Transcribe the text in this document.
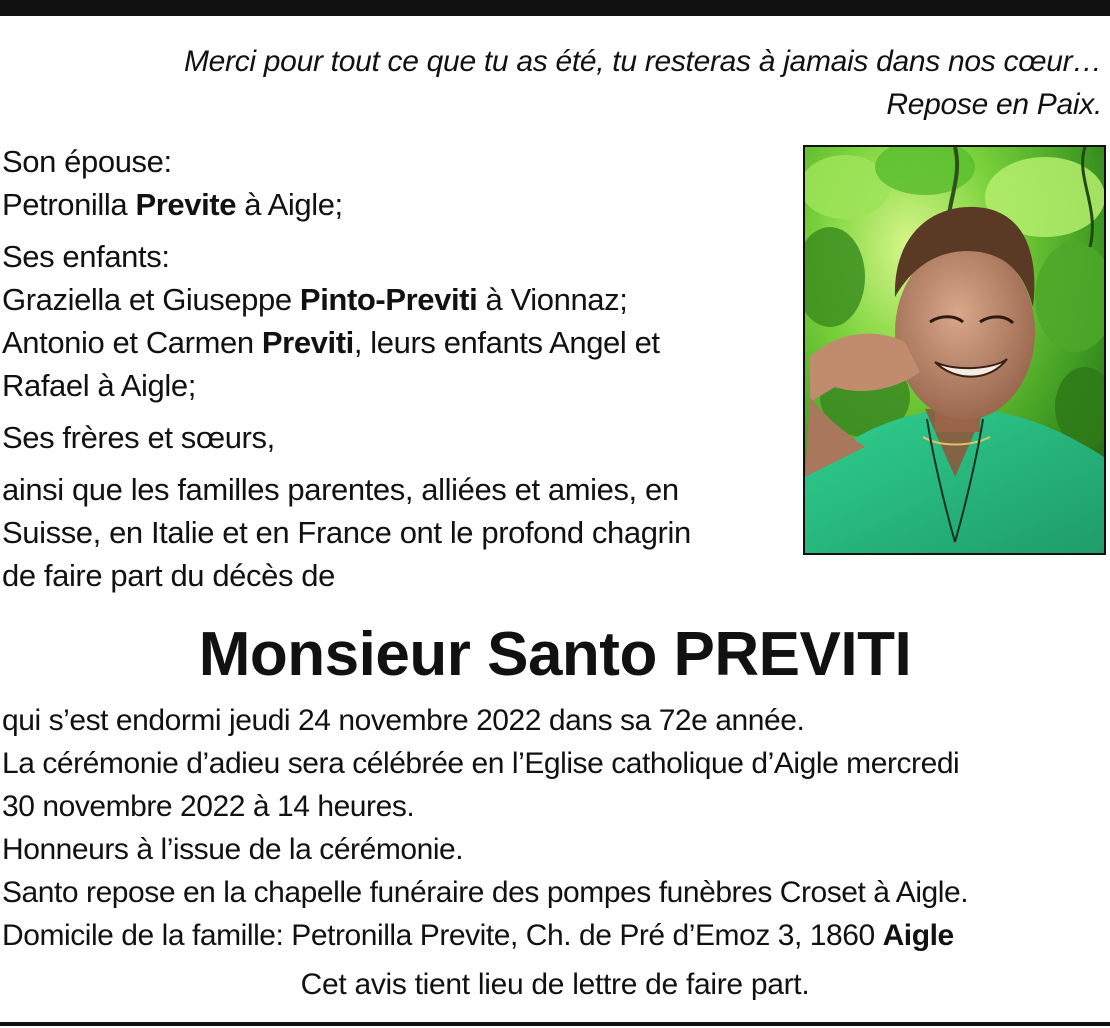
Merci pour tout ce que tu as été, tu resteras à jamais dans nos cœur…
Repose en Paix.
Son épouse:
Petronilla Previte à Aigle;
Ses enfants:
Graziella et Giuseppe Pinto-Previti à Vionnaz;
Antonio et Carmen Previti, leurs enfants Angel et
Rafael à Aigle;
Ses frères et sœurs,
ainsi que les familles parentes, alliées et amies, en
Suisse, en Italie et en France ont le profond chagrin
de faire part du décès de
Monsieur Santo PREVITI
qui s’est endormi jeudi 24 novembre 2022 dans sa 72e année.
La cérémonie d’adieu sera célébrée en l’Eglise catholique d’Aigle mercredi
30 novembre 2022 à 14 heures.
Honneurs à l’issue de la cérémonie.
Santo repose en la chapelle funéraire des pompes funèbres Croset à Aigle.
Domicile de la famille: Petronilla Previte, Ch. de Pré d’Emoz 3, 1860 Aigle
Cet avis tient lieu de lettre de faire part.
